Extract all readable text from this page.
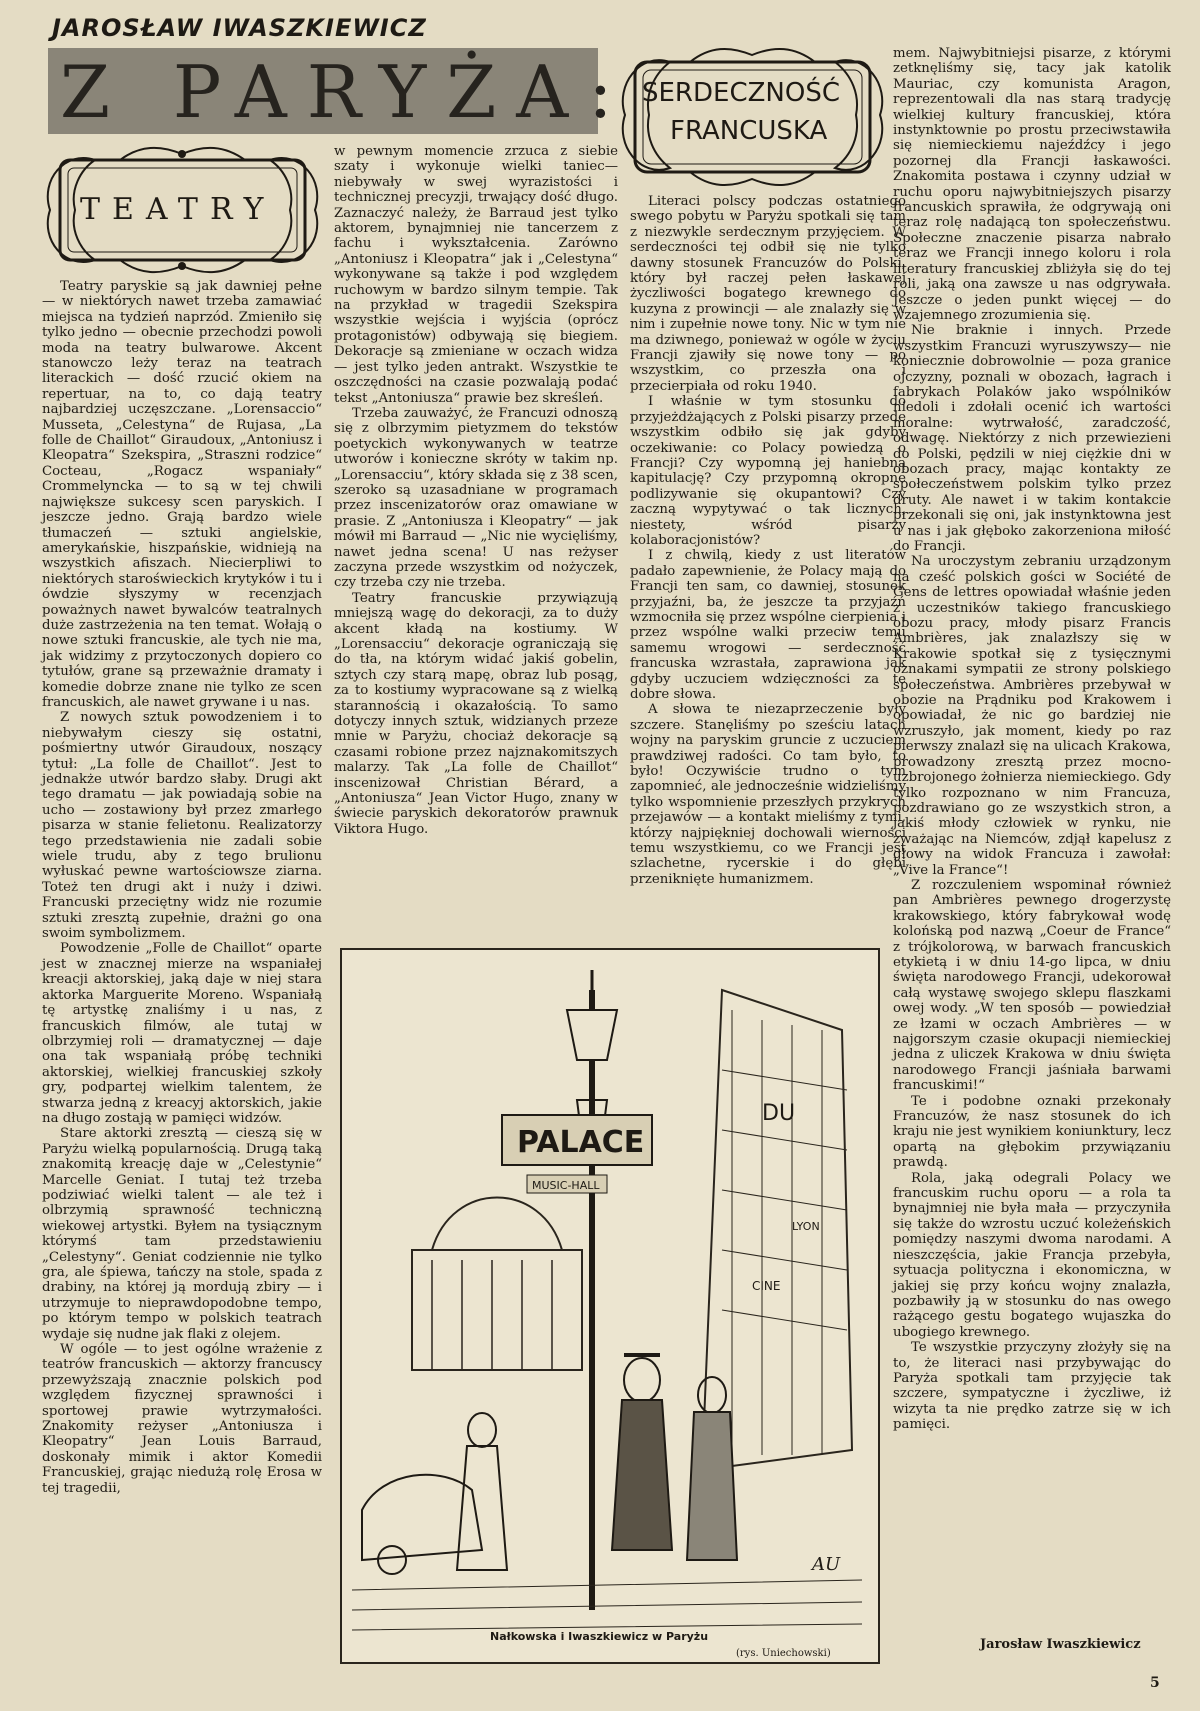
JAROSŁAW IWASZKIEWICZ
Z PARYŻA:
TEATRY
SERDECZNOŚĆ
FRANCUSKA

Teatry paryskie są jak dawniej pełne — w niektórych nawet trzeba zamawiać miejsca na tydzień naprzód. Zmieniło się tylko jedno — obecnie przechodzi powoli moda na teatry bulwarowe. Akcent stanowczo leży teraz na teatrach literackich — dość rzucić okiem na repertuar, na to, co dają teatry najbardziej uczęszczane. „Lorensaccio“ Musseta, „Celestyna“ de Rujasa, „La folle de Chaillot“ Giraudoux, „Antoniusz i Kleopatra“ Szekspira, „Straszni rodzice“ Cocteau, „Rogacz wspaniały“ Crommelyncka — to są w tej chwili największe sukcesy scen paryskich. I jeszcze jedno. Grają bardzo wiele tłumaczeń — sztuki angielskie, amerykańskie, hiszpańskie, widnieją na wszystkich afiszach. Niecierpliwi to niektórych staroświeckich krytyków i tu i ówdzie słyszymy w recenzjach poważnych nawet bywalców teatralnych duże zastrzeżenia na ten temat. Wołają o nowe sztuki francuskie, ale tych nie ma, jak widzimy z przytoczonych dopiero co tytułów, grane są przeważnie dramaty i komedie dobrze znane nie tylko ze scen francuskich, ale nawet grywane i u nas.

Z nowych sztuk powodzeniem i to niebywałym cieszy się ostatni, pośmiertny utwór Giraudoux, noszący tytuł: „La folle de Chaillot“. Jest to jednakże utwór bardzo słaby. Drugi akt tego dramatu — jak powiadają sobie na ucho — zostawiony był przez zmarłego pisarza w stanie felietonu. Realizatorzy tego przedstawienia nie zadali sobie wiele trudu, aby z tego brulionu wyłuskać pewne wartościowsze ziarna. Toteż ten drugi akt i nuży i dziwi. Francuski przeciętny widz nie rozumie sztuki zresztą zupełnie, drażni go ona swoim symbolizmem.

Powodzenie „Folle de Chaillot“ oparte jest w znacznej mierze na wspaniałej kreacji aktorskiej, jaką daje w niej stara aktorka Marguerite Moreno. Wspaniałą tę artystkę znaliśmy i u nas, z francuskich filmów, ale tutaj w olbrzymiej roli — dramatycznej — daje ona tak wspaniałą próbę techniki aktorskiej, wielkiej francuskiej szkoły gry, podpartej wielkim talentem, że stwarza jedną z kreacyj aktorskich, jakie na długo zostają w pamięci widzów.

Stare aktorki zresztą — cieszą się w Paryżu wielką popularnością. Drugą taką znakomitą kreację daje w „Celestynie“ Marcelle Geniat. I tutaj też trzeba podziwiać wielki talent — ale też i olbrzymią sprawność techniczną wiekowej artystki. Byłem na tysiącznym którymś tam przedstawieniu „Celestyny“. Geniat codziennie nie tylko gra, ale śpiewa, tańczy na stole, spada z drabiny, na której ją mordują zbiry — i utrzymuje to nieprawdopodobne tempo, po którym tempo w polskich teatrach wydaje się nudne jak flaki z olejem.

W ogóle — to jest ogólne wrażenie z teatrów francuskich — aktorzy francuscy przewyższają znacznie polskich pod względem fizycznej sprawności i sportowej prawie wytrzymałości. Znakomity reżyser „Antoniusza i Kleopatry“ Jean Louis Barraud, doskonały mimik i aktor Komedii Francuskiej, grając niedużą rolę Erosa w tej tragedii,

w pewnym momencie zrzuca z siebie szaty i wykonuje wielki taniec— niebywały w swej wyrazistości i technicznej precyzji, trwający dość długo. Zaznaczyć należy, że Barraud jest tylko aktorem, bynajmniej nie tancerzem z fachu i wykształcenia. Zarówno „Antoniusz i Kleopatra“ jak i „Celestyna“ wykonywane są także i pod względem ruchowym w bardzo silnym tempie. Tak na przykład w tragedii Szekspira wszystkie wejścia i wyjścia (oprócz protagonistów) odbywają się biegiem. Dekoracje są zmieniane w oczach widza — jest tylko jeden antrakt. Wszystkie te oszczędności na czasie pozwalają podać tekst „Antoniusza“ prawie bez skreśleń.

Trzeba zauważyć, że Francuzi odnoszą się z olbrzymim pietyzmem do tekstów poetyckich wykonywanych w teatrze utworów i konieczne skróty w takim np. „Lorensacciu“, który składa się z 38 scen, szeroko są uzasadniane w programach przez inscenizatorów oraz omawiane w prasie. Z „Antoniusza i Kleopatry“ — jak mówił mi Barraud — „Nic nie wycięliśmy, nawet jedna scena! U nas reżyser zaczyna przede wszystkim od nożyczek, czy trzeba czy nie trzeba.

Teatry francuskie przywiązują mniejszą wagę do dekoracji, za to duży akcent kładą na kostiumy. W „Lorensacciu“ dekoracje ograniczają się do tła, na którym widać jakiś gobelin, sztych czy starą mapę, obraz lub posąg, za to kostiumy wypracowane są z wielką starannością i okazałością. To samo dotyczy innych sztuk, widzianych przeze mnie w Paryżu, chociaż dekoracje są czasami robione przez najznakomitszych malarzy. Tak „La folle de Chaillot“ inscenizował Christian Bérard, a „Antoniusza“ Jean Victor Hugo, znany w świecie paryskich dekoratorów prawnuk Viktora Hugo.

Literaci polscy podczas ostatniego swego pobytu w Paryżu spotkali się tam z niezwykle serdecznym przyjęciem. W serdeczności tej odbił się nie tylko dawny stosunek Francuzów do Polski, który był raczej pełen łaskawej życzliwości bogatego krewnego do kuzyna z prowincji — ale znalazły się w nim i zupełnie nowe tony. Nic w tym nie ma dziwnego, ponieważ w ogóle w życiu Francji zjawiły się nowe tony — po wszystkim, co przeszła ona i przecierpiała od roku 1940.

I właśnie w tym stosunku do przyjeżdżających z Polski pisarzy przede wszystkim odbiło się jak gdyby oczekiwanie: co Polacy powiedzą o Francji? Czy wypomną jej haniebną kapitulację? Czy przypomną okropne podlizywanie się okupantowi? Czy zaczną wypytywać o tak licznych, niestety, wśród pisarzy kolaboracjonistów?

I z chwilą, kiedy z ust literatów padało zapewnienie, że Polacy mają do Francji ten sam, co dawniej, stosunek przyjaźni, ba, że jeszcze ta przyjaźń wzmocniła się przez wspólne cierpienia i przez wspólne walki przeciw temu samemu wrogowi — serdeczność francuska wzrastała, zaprawiona jak gdyby uczuciem wdzięczności za te dobre słowa.

A słowa te niezaprzeczenie były szczere. Stanęliśmy po sześciu latach wojny na paryskim gruncie z uczuciem prawdziwej radości. Co tam było, to było! Oczywiście trudno o tym zapomnieć, ale jednocześnie widzieliśmy tylko wspomnienie przeszłych przykrych przejawów — a kontakt mieliśmy z tymi, którzy najpiękniej dochowali wierności temu wszystkiemu, co we Francji jest szlachetne, rycerskie i do głębi przeniknięte humanizmem.

mem. Najwybitniejsi pisarze, z którymi zetknęliśmy się, tacy jak katolik Mauriac, czy komunista Aragon, reprezentowali dla nas starą tradycję wielkiej kultury francuskiej, która instynktownie po prostu przeciwstawiła się niemieckiemu najeźdźcy i jego pozornej dla Francji łaskawości. Znakomita postawa i czynny udział w ruchu oporu najwybitniejszych pisarzy francuskich sprawiła, że odgrywają oni teraz rolę nadającą ton społeczeństwu. Społeczne znaczenie pisarza nabrało teraz we Francji innego koloru i rola literatury francuskiej zbliżyła się do tej roli, jaką ona zawsze u nas odgrywała. Jeszcze o jeden punkt więcej — do wzajemnego zrozumienia się.

Nie braknie i innych. Przede wszystkim Francuzi wyruszywszy— nie koniecznie dobrowolnie — poza granice ojczyzny, poznali w obozach, łagrach i fabrykach Polaków jako wspólników niedoli i zdołali ocenić ich wartości moralne: wytrwałość, zaradczość, odwagę. Niektórzy z nich przewiezieni do Polski, pędzili w niej ciężkie dni w obozach pracy, mając kontakty ze społeczeństwem polskim tylko przez druty. Ale nawet i w takim kontakcie przekonali się oni, jak instynktowna jest u nas i jak głęboko zakorzeniona miłość do Francji.

Na uroczystym zebraniu urządzonym na cześć polskich gości w Société de Gens de lettres opowiadał właśnie jeden z uczestników takiego francuskiego obozu pracy, młody pisarz Francis Ambrières, jak znalazłszy się w Krakowie spotkał się z tysięcznymi oznakami sympatii ze strony polskiego społeczeństwa. Ambrières przebywał w obozie na Prądniku pod Krakowem i opowiadał, że nic go bardziej nie wzruszyło, jak moment, kiedy po raz pierwszy znalazł się na ulicach Krakowa, prowadzony zresztą przez mocno-uzbrojonego żołnierza niemieckiego. Gdy tylko rozpoznano w nim Francuza, pozdrawiano go ze wszystkich stron, a jakiś młody człowiek w rynku, nie zważając na Niemców, zdjął kapelusz z głowy na widok Francuza i zawołał: „Vive la France“!

Z rozczuleniem wspominał również pan Ambrières pewnego drogerzystę krakowskiego, który fabrykował wodę kolońską pod nazwą „Coeur de France“ z trójkolorową, w barwach francuskich etykietą i w dniu 14-go lipca, w dniu święta narodowego Francji, udekorował całą wystawę swojego sklepu flaszkami owej wody. „W ten sposób — powiedział ze łzami w oczach Ambrières — w najgorszym czasie okupacji niemieckiej jedna z uliczek Krakowa w dniu święta narodowego Francji jaśniała barwami francuskimi!“

Te i podobne oznaki przekonały Francuzów, że nasz stosunek do ich kraju nie jest wynikiem koniunktury, lecz opartą na głębokim przywiązaniu prawdą.

Rola, jaką odegrali Polacy we francuskim ruchu oporu — a rola ta bynajmniej nie była mała — przyczyniła się także do wzrostu uczuć koleżeńskich pomiędzy naszymi dwoma narodami. A nieszczęścia, jakie Francja przebyła, sytuacja polityczna i ekonomiczna, w jakiej się przy końcu wojny znalazła, pozbawiły ją w stosunku do nas owego rażącego gestu bogatego wujaszka do ubogiego krewnego.

Te wszystkie przyczyny złożyły się na to, że literaci nasi przybywając do Paryża spotkali tam przyjęcie tak szczere, sympatyczne i życzliwe, iż wizyta ta nie prędko zatrze się w ich pamięci.

PALACE
MUSIC-HALL
DU
LYON
CINE
AU
Nałkowska i Iwaszkiewicz w Paryżu
(rys. Uniechowski)
Jarosław Iwaszkiewicz
5
